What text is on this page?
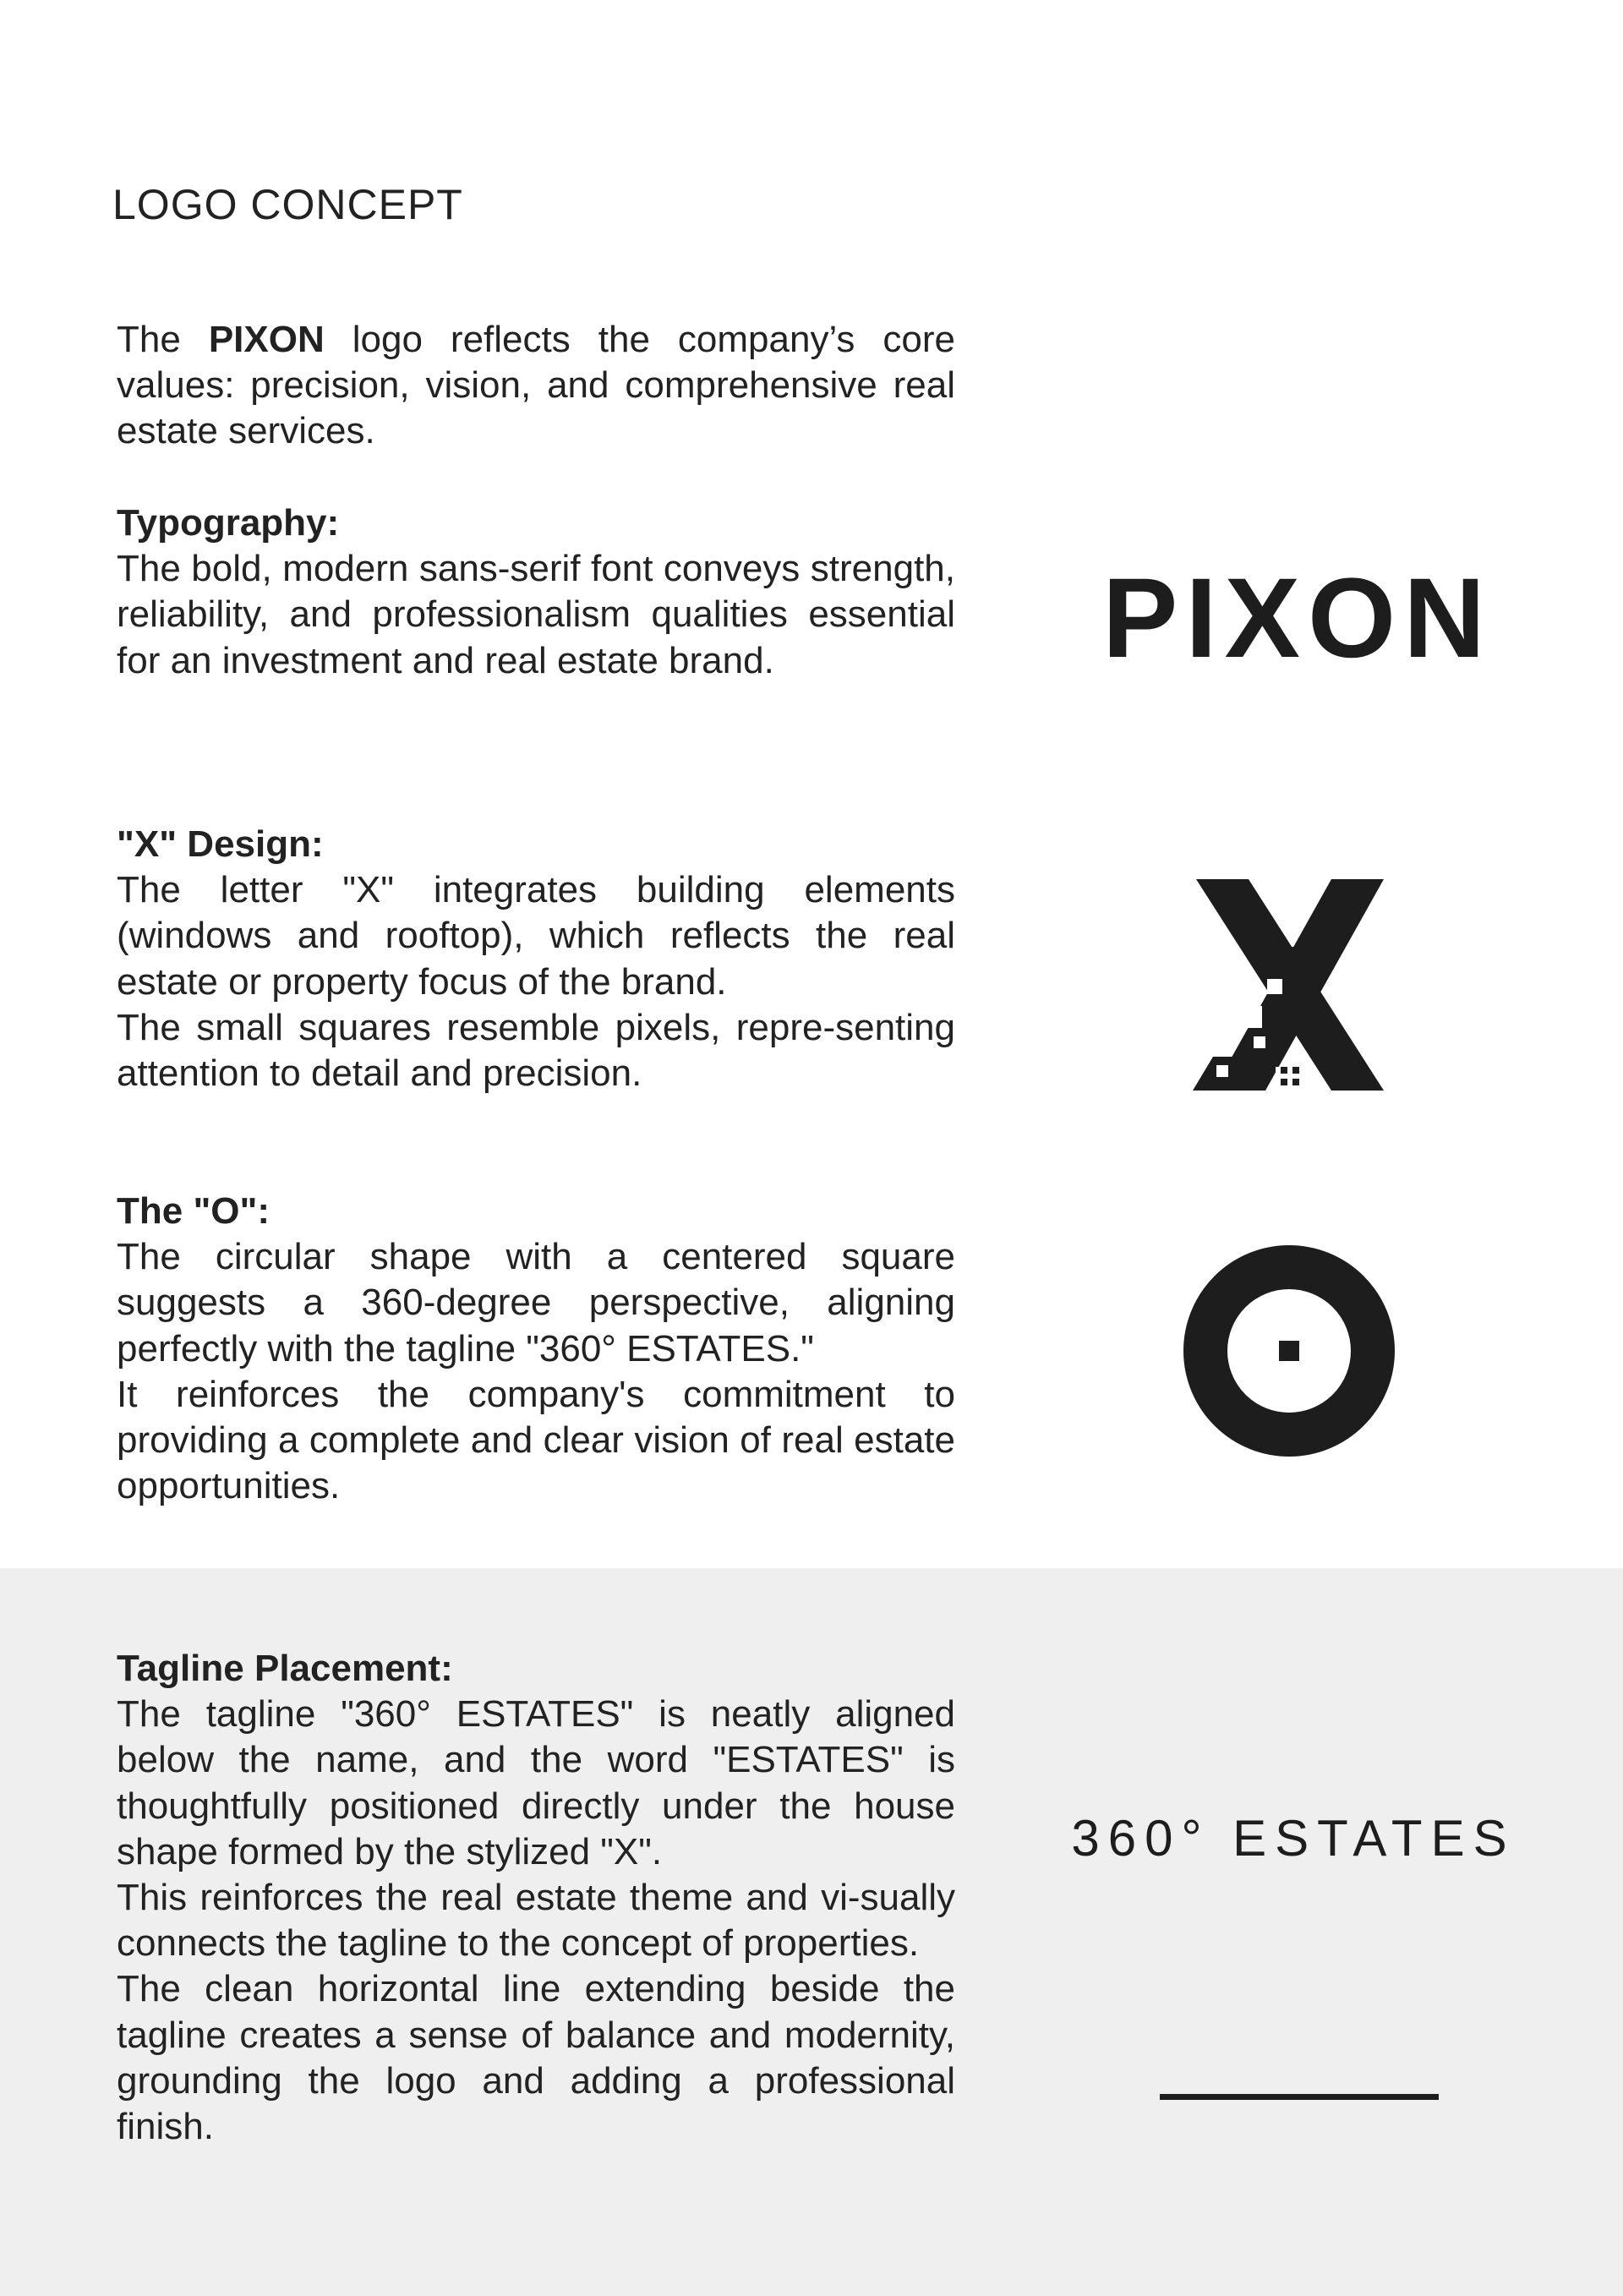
LOGO CONCEPT

The PIXON logo reflects the company’s core values: precision, vision, and comprehensive real estate services.

Typography:

The bold, modern sans-serif font conveys strength, reliability, and professionalism qualities essential for an investment and real estate brand.

"X" Design:

The letter "X" integrates building elements (windows and rooftop), which reflects the real estate or property focus of the brand.

The small squares resemble pixels, repre-senting attention to detail and precision.

The "O":

The circular shape with a centered square suggests a 360-degree perspective, aligning perfectly with the tagline "360° ESTATES."

It reinforces the company's commitment to providing a complete and clear vision of real estate opportunities.

Tagline Placement:

The tagline "360° ESTATES" is neatly aligned below the name, and the word "ESTATES" is thoughtfully positioned directly under the house shape formed by the stylized "X".

This reinforces the real estate theme and vi-sually connects the tagline to the concept of properties.

The clean horizontal line extending beside the tagline creates a sense of balance and modernity, grounding the logo and adding a professional finish.

PIXON
360° ESTATES
